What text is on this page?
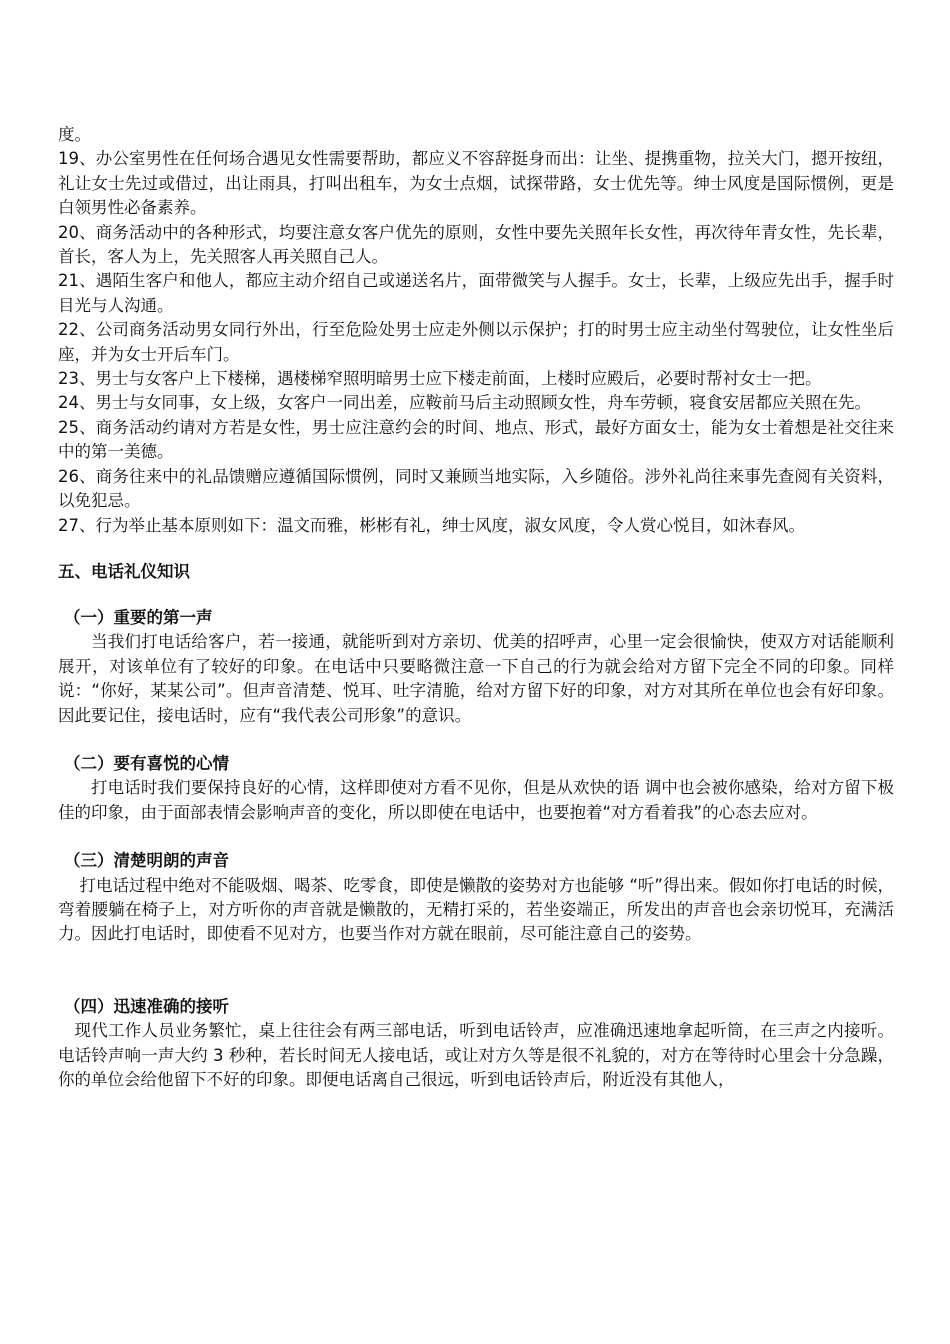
度。

19、办公室男性在任何场合遇见女性需要帮助，都应义不容辞挺身而出：让坐、提携重物，拉关大门，摁开按纽，礼让女士先过或借过，出让雨具，打叫出租车，为女士点烟，试探带路，女士优先等。绅士风度是国际惯例，更是白领男性必备素养。

20、商务活动中的各种形式，均要注意女客户优先的原则，女性中要先关照年长女性，再次待年青女性，先长辈，首长，客人为上，先关照客人再关照自己人。

21、遇陌生客户和他人，都应主动介绍自己或递送名片，面带微笑与人握手。女士，长辈，上级应先出手，握手时目光与人沟通。

22、公司商务活动男女同行外出，行至危险处男士应走外侧以示保护；打的时男士应主动坐付驾驶位，让女性坐后座，并为女士开后车门。

23、男士与女客户上下楼梯，遇楼梯窄照明暗男士应下楼走前面，上楼时应殿后，必要时帮衬女士一把。

24、男士与女同事，女上级，女客户一同出差，应鞍前马后主动照顾女性，舟车劳顿，寝食安居都应关照在先。

25、商务活动约请对方若是女性，男士应注意约会的时间、地点、形式，最好方面女士，能为女士着想是社交往来中的第一美德。

26、商务往来中的礼品馈赠应遵循国际惯例，同时又兼顾当地实际，入乡随俗。涉外礼尚往来事先查阅有关资料，以免犯忌。

27、行为举止基本原则如下：温文而雅，彬彬有礼，绅士风度，淑女风度，令人赏心悦目，如沐春风。

五、电话礼仪知识
（一）重要的第一声

当我们打电话给客户，若一接通，就能听到对方亲切、优美的招呼声，心里一定会很愉快，使双方对话能顺利展开，对该单位有了较好的印象。在电话中只要略微注意一下自己的行为就会给对方留下完全不同的印象。同样说：“你好，某某公司”。但声音清楚、悦耳、吐字清脆，给对方留下好的印象，对方对其所在单位也会有好印象。因此要记住，接电话时，应有“我代表公司形象”的意识。

（二）要有喜悦的心情

打电话时我们要保持良好的心情，这样即使对方看不见你，但是从欢快的语 调中也会被你感染，给对方留下极佳的印象，由于面部表情会影响声音的变化，所以即使在电话中，也要抱着“对方看着我”的心态去应对。

（三）清楚明朗的声音

打电话过程中绝对不能吸烟、喝茶、吃零食，即使是懒散的姿势对方也能够 “听”得出来。假如你打电话的时候，弯着腰躺在椅子上，对方听你的声音就是懒散的，无精打采的，若坐姿端正，所发出的声音也会亲切悦耳，充满活力。因此打电话时，即使看不见对方，也要当作对方就在眼前，尽可能注意自己的姿势。

（四）迅速准确的接听

现代工作人员业务繁忙，桌上往往会有两三部电话，听到电话铃声，应准确迅速地拿起听筒，在三声之内接听。电话铃声响一声大约 3 秒种，若长时间无人接电话，或让对方久等是很不礼貌的，对方在等待时心里会十分急躁，你的单位会给他留下不好的印象。即便电话离自己很远，听到电话铃声后，附近没有其他人，
